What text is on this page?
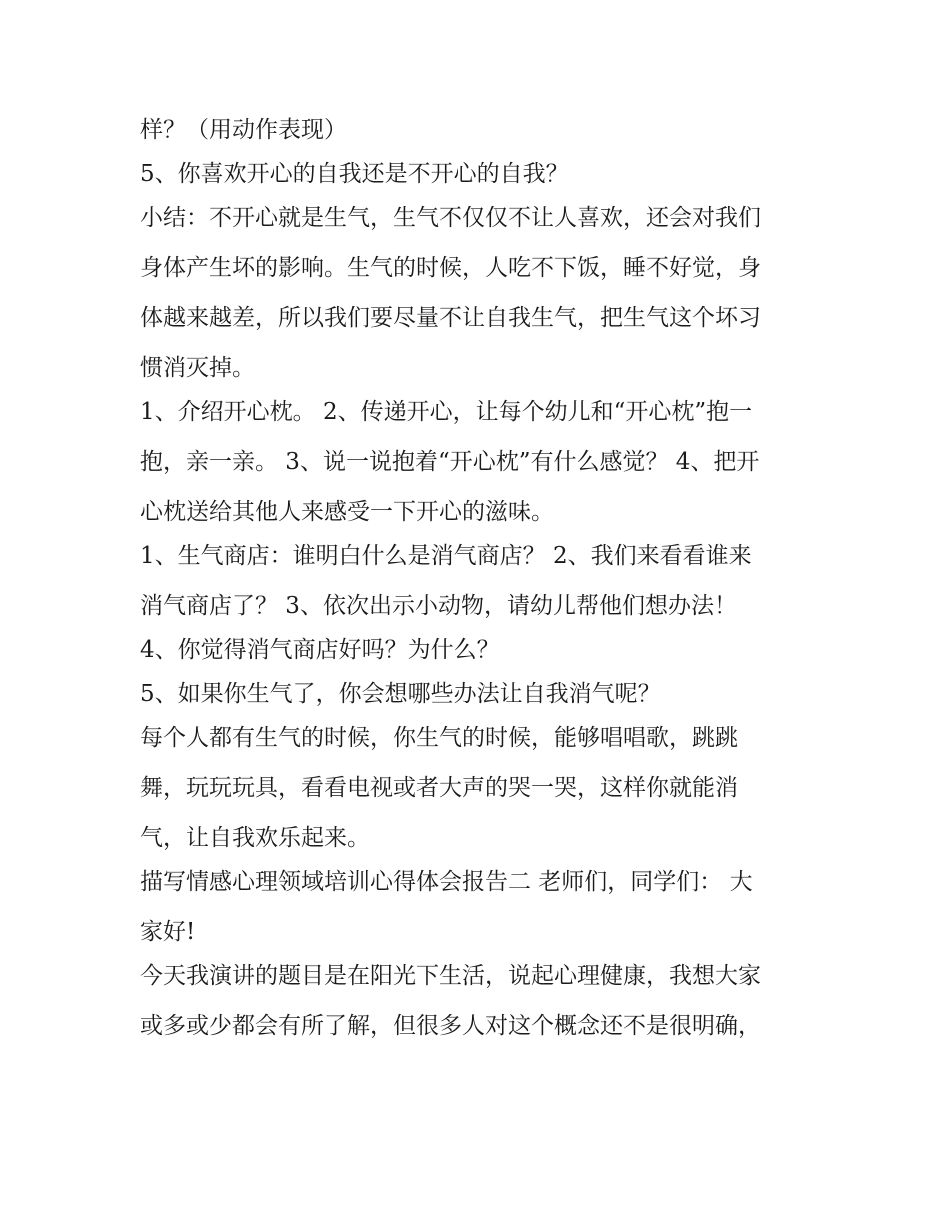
样？（用动作表现）

5、你喜欢开心的自我还是不开心的自我？

小结：不开心就是生气，生气不仅仅不让人喜欢，还会对我们

身体产生坏的影响。生气的时候，人吃不下饭，睡不好觉，身

体越来越差，所以我们要尽量不让自我生气，把生气这个坏习

惯消灭掉。

1、介绍开心枕。 2、传递开心，让每个幼儿和“开心枕”抱一

抱，亲一亲。 3、说一说抱着“开心枕”有什么感觉？ 4、把开

心枕送给其他人来感受一下开心的滋味。

1、生气商店：谁明白什么是消气商店？ 2、我们来看看谁来

消气商店了？ 3、依次出示小动物，请幼儿帮他们想办法！

4、你觉得消气商店好吗？为什么？

5、如果你生气了，你会想哪些办法让自我消气呢？

每个人都有生气的时候，你生气的时候，能够唱唱歌，跳跳

舞，玩玩玩具，看看电视或者大声的哭一哭，这样你就能消

气，让自我欢乐起来。

描写情感心理领域培训心得体会报告二 老师们，同学们： 大

家好!

今天我演讲的题目是在阳光下生活，说起心理健康，我想大家

或多或少都会有所了解，但很多人对这个概念还不是很明确，
